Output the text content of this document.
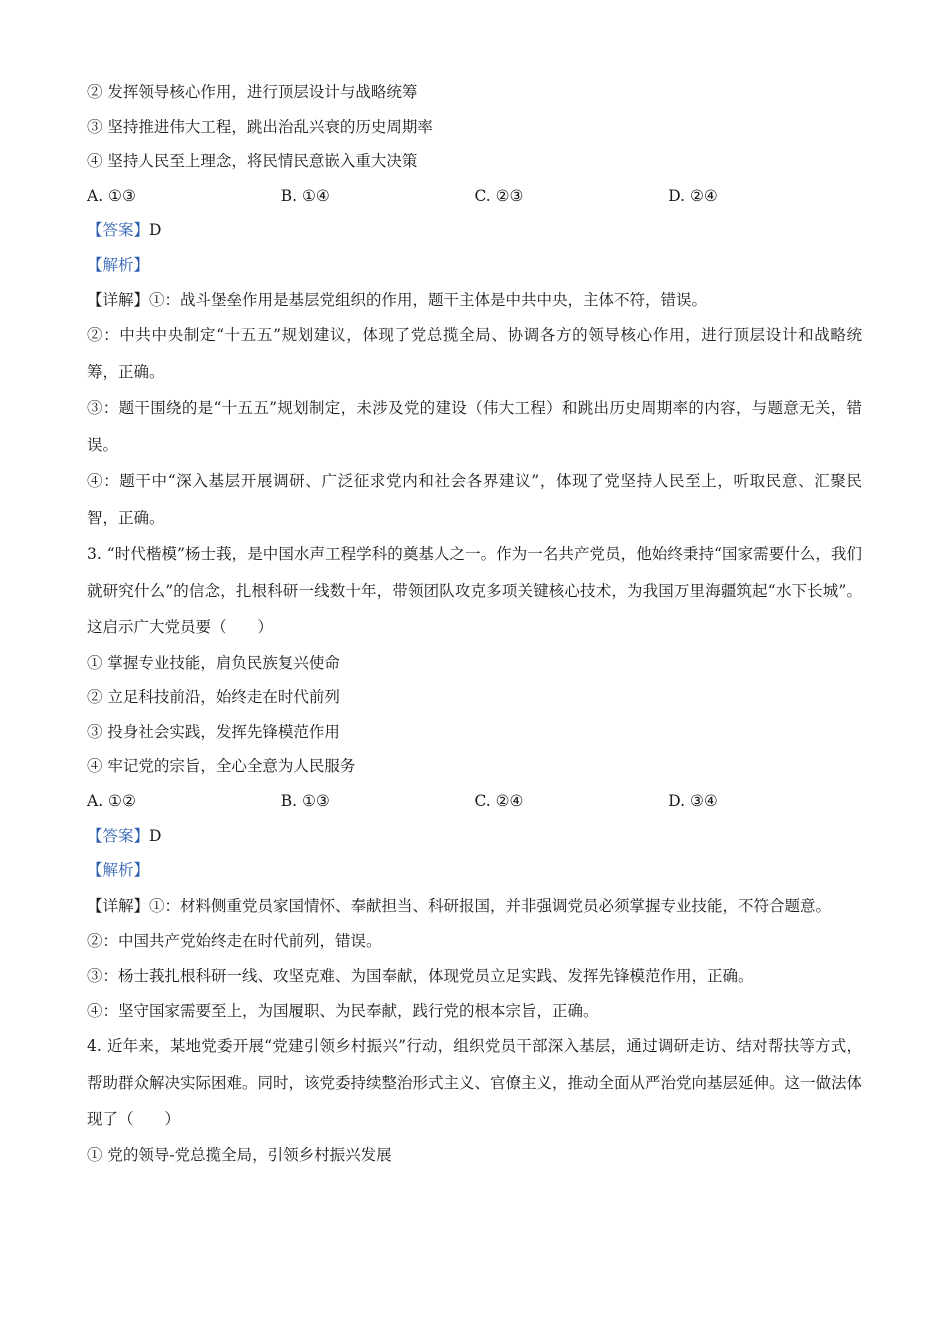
② 发挥领导核心作用，进行顶层设计与战略统筹
③ 坚持推进伟大工程，跳出治乱兴衰的历史周期率
④ 坚持人民至上理念，将民情民意嵌入重大决策
A. ①③	B. ①④	C. ②③	D. ②④
【答案】D
【解析】
【详解】①：战斗堡垒作用是基层党组织的作用，题干主体是中共中央，主体不符，错误。

②：中共中央制定“十五五”规划建议，体现了党总揽全局、协调各方的领导核心作用，进行顶层设计和战略统筹，正确。

③：题干围绕的是“十五五”规划制定，未涉及党的建设（伟大工程）和跳出历史周期率的内容，与题意无关，错误。

④：题干中“深入基层开展调研、广泛征求党内和社会各界建议”，体现了党坚持人民至上，听取民意、汇聚民智，正确。

3. “时代楷模”杨士莪，是中国水声工程学科的奠基人之一。作为一名共产党员，他始终秉持“国家需要什么，我们就研究什么”的信念，扎根科研一线数十年，带领团队攻克多项关键核心技术，为我国万里海疆筑起“水下长城”。这启示广大党员要（　　）

① 掌握专业技能，肩负民族复兴使命
② 立足科技前沿，始终走在时代前列
③ 投身社会实践，发挥先锋模范作用
④ 牢记党的宗旨，全心全意为人民服务
A. ①②	B. ①③	C. ②④	D. ③④
【答案】D
【解析】

【详解】①：材料侧重党员家国情怀、奉献担当、科研报国，并非强调党员必须掌握专业技能，不符合题意。

②：中国共产党始终走在时代前列，错误。
③：杨士莪扎根科研一线、攻坚克难、为国奉献，体现党员立足实践、发挥先锋模范作用，正确。
④：坚守国家需要至上，为国履职、为民奉献，践行党的根本宗旨，正确。

4. 近年来，某地党委开展“党建引领乡村振兴”行动，组织党员干部深入基层，通过调研走访、结对帮扶等方式，帮助群众解决实际困难。同时，该党委持续整治形式主义、官僚主义，推动全面从严治党向基层延伸。这一做法体现了（　　）

① 党的领导-党总揽全局，引领乡村振兴发展
